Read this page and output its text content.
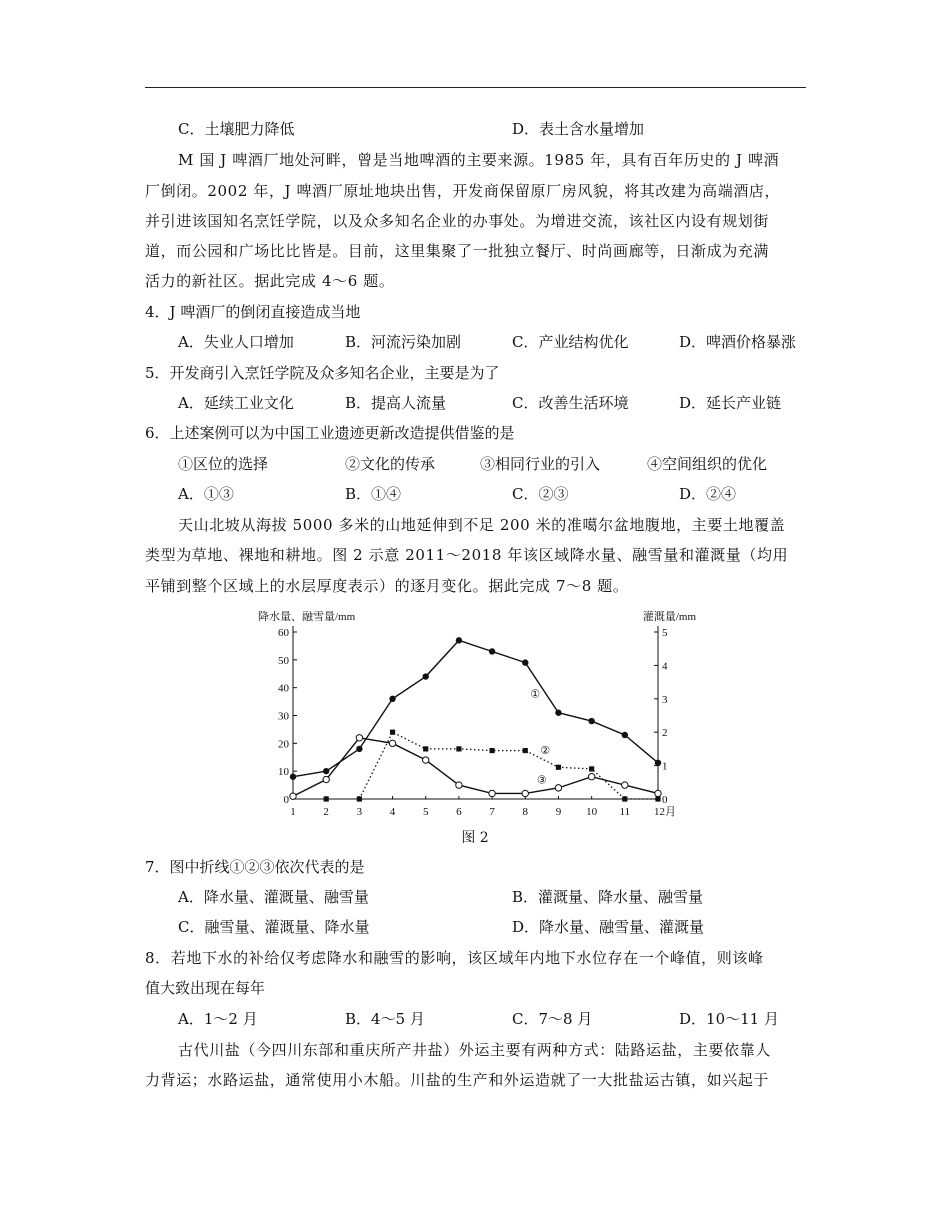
C．土壤肥力降低	D．表土含水量增加
M 国 J 啤酒厂地处河畔，曾是当地啤酒的主要来源。1985 年，具有百年历史的 J 啤酒
厂倒闭。2002 年，J 啤酒厂原址地块出售，开发商保留原厂房风貌，将其改建为高端酒店，
并引进该国知名烹饪学院，以及众多知名企业的办事处。为增进交流，该社区内设有规划街
道，而公园和广场比比皆是。目前，这里集聚了一批独立餐厅、时尚画廊等，日渐成为充满
活力的新社区。据此完成 4～6 题。
4．J 啤酒厂的倒闭直接造成当地
A．失业人口增加	B．河流污染加剧	C．产业结构优化	D．啤酒价格暴涨
5．开发商引入烹饪学院及众多知名企业，主要是为了
A．延续工业文化	B．提高人流量	C．改善生活环境	D．延长产业链
6．上述案例可以为中国工业遗迹更新改造提供借鉴的是
①区位的选择	②文化的传承	③相同行业的引入	④空间组织的优化
A．①③	B．①④	C．②③	D．②④
天山北坡从海拔 5000 多米的山地延伸到不足 200 米的准噶尔盆地腹地，主要土地覆盖
类型为草地、裸地和耕地。图 2 示意 2011～2018 年该区域降水量、融雪量和灌溉量（均用
平铺到整个区域上的水层厚度表示）的逐月变化。据此完成 7～8 题。
降水量、融雪量/mm	灌溉量/mm
0
10
20
30
40
50
60
0
1
2
3
4
5
1	2	3	4	5	6	7	8	9 10 11 12月
①
②
③
图 2
7．图中折线①②③依次代表的是
A．降水量、灌溉量、融雪量	B．灌溉量、降水量、融雪量
C．融雪量、灌溉量、降水量	D．降水量、融雪量、灌溉量
8．若地下水的补给仅考虑降水和融雪的影响，该区域年内地下水位存在一个峰值，则该峰
值大致出现在每年
A．1～2 月	B．4～5 月	C．7～8 月	D．10～11 月
古代川盐（今四川东部和重庆所产井盐）外运主要有两种方式：陆路运盐，主要依靠人
力背运；水路运盐，通常使用小木船。川盐的生产和外运造就了一大批盐运古镇，如兴起于
